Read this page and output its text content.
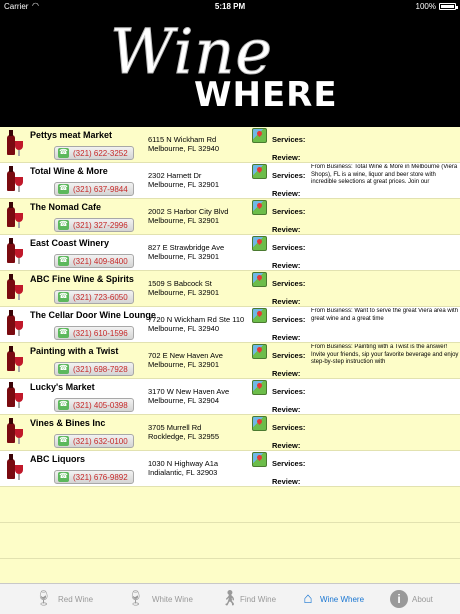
Carrier ◠	5:18 PM	100%
Wine
WHERE
Pettys meat Market
☎ (321) 622-3252
6115 N Wickham Rd
Melbourne, FL 32940
Services:
Review:
Total Wine & More
☎ (321) 637-9844
2302 Harnett Dr
Melbourne, FL 32901
Services:
Review:
From Business: Total Wine & More in Melbourne (Viera Shops), FL is a wine, liquor and beer store with incredible selections at great prices. Join our
The Nomad Cafe
☎ (321) 327-2996
2002 S Harbor City Blvd
Melbourne, FL 32901
Services:
Review:
East Coast Winery
☎ (321) 409-8400
827 E Strawbridge Ave
Melbourne, FL 32901
Services:
Review:
ABC Fine Wine & Spirits
☎ (321) 723-6050
1509 S Babcock St
Melbourne, FL 32901
Services:
Review:
The Cellar Door Wine Lounge
☎ (321) 610-1596
7720 N Wickham Rd Ste 110
Melbourne, FL 32940
Services:
Review:
From Business: Want to serve the great Viera area with great wine and a great time
Painting with a Twist
☎ (321) 698-7928
702 E New Haven Ave
Melbourne, FL 32901
Services:
Review:
From Business: Painting with a Twist is the answer! Invite your friends, sip your favorite beverage and enjoy step-by-step instruction with
Lucky's Market
☎ (321) 405-0398
3170 W New Haven Ave
Melbourne, FL 32904
Services:
Review:
Vines & Bines Inc
☎ (321) 632-0100
3705 Murrell Rd
Rockledge, FL 32955
Services:
Review:
ABC Liquors
☎ (321) 676-9892
1030 N Highway A1a
Indialantic, FL 32903
Services:
Review:
🍷︎ Red Wine 🍷︎ White Wine 🚶︎ Find Wine ⌂ Wine Where	i	About
